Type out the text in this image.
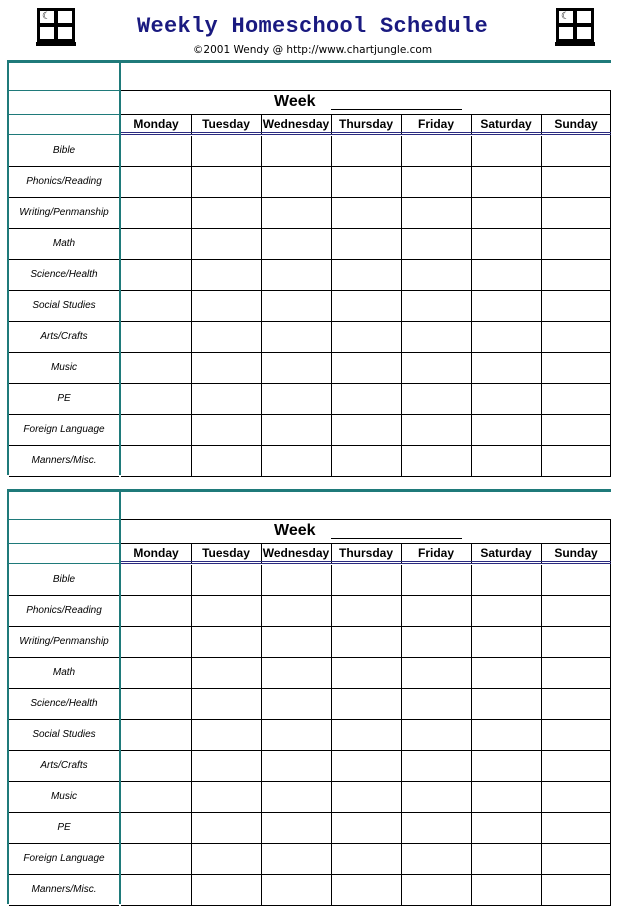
☾	☾
Weekly Homeschool Schedule
©2001 Wendy @ http://www.chartjungle.com
Week
Monday	Tuesday	Wednesday Thursday	Friday	Saturday	Sunday
Bible
Phonics/Reading
Writing/Penmanship
Math
Science/Health
Social Studies
Arts/Crafts
Music
PE
Foreign Language
Manners/Misc.
Week
Monday	Tuesday	Wednesday Thursday	Friday	Saturday	Sunday
Bible
Phonics/Reading
Writing/Penmanship
Math
Science/Health
Social Studies
Arts/Crafts
Music
PE
Foreign Language
Manners/Misc.
